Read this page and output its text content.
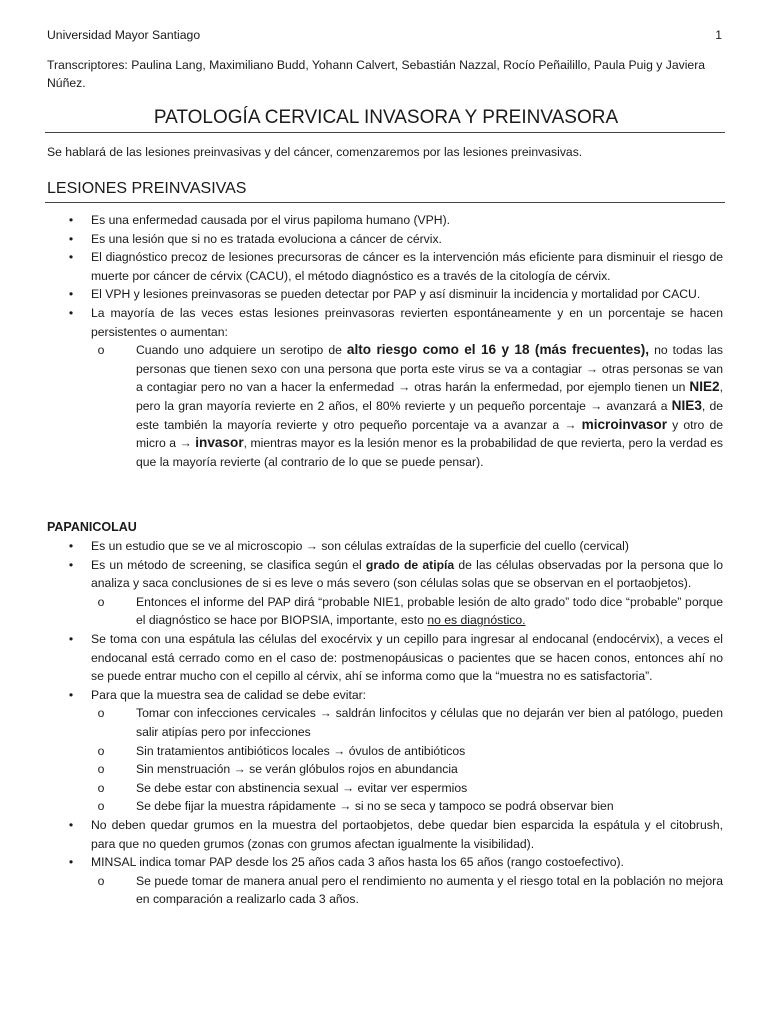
Universidad Mayor Santiago	1
Transcriptores: Paulina Lang, Maximiliano Budd, Yohann Calvert, Sebastián Nazzal, Rocío Peñailillo, Paula Puig y Javiera Núñez.
PATOLOGÍA CERVICAL INVASORA Y PREINVASORA
Se hablará de las lesiones preinvasivas y del cáncer, comenzaremos por las lesiones preinvasivas.
LESIONES PREINVASIVAS
•	Es una enfermedad causada por el virus papiloma humano (VPH).
•	Es una lesión que si no es tratada evoluciona a cáncer de cérvix.
•	El diagnóstico precoz de lesiones precursoras de cáncer es la intervención más eficiente para disminuir el riesgo de muerte por cáncer de cérvix (CACU), el método diagnóstico es a través de la citología de cérvix.
•	El VPH y lesiones preinvasoras se pueden detectar por PAP y así disminuir la incidencia y mortalidad por CACU.
•	La mayoría de las veces estas lesiones preinvasoras revierten espontáneamente y en un porcentaje se hacen persistentes o aumentan:
o	Cuando uno adquiere un serotipo de alto riesgo como el 16 y 18 (más frecuentes), no todas las personas que tienen sexo con una persona que porta este virus se va a contagiar → otras personas se van a contagiar pero no van a hacer la enfermedad → otras harán la enfermedad, por ejemplo tienen un NIE2, pero la gran mayoría revierte en 2 años, el 80% revierte y un pequeño porcentaje → avanzará a NIE3, de este también la mayoría revierte y otro pequeño porcentaje va a avanzar a → microinvasor y otro de micro a → invasor, mientras mayor es la lesión menor es la probabilidad de que revierta, pero la verdad es que la mayoría revierte (al contrario de lo que se puede pensar).
PAPANICOLAU
•	Es un estudio que se ve al microscopio → son células extraídas de la superficie del cuello (cervical)
•	Es un método de screening, se clasifica según el grado de atipía de las células observadas por la persona que lo analiza y saca conclusiones de si es leve o más severo (son células solas que se observan en el portaobjetos).
o	Entonces el informe del PAP dirá “probable NIE1, probable lesión de alto grado” todo dice “probable” porque el diagnóstico se hace por BIOPSIA, importante, esto no es diagnóstico.
•	Se toma con una espátula las células del exocérvix y un cepillo para ingresar al endocanal (endocérvix), a veces el endocanal está cerrado como en el caso de: postmenopáusicas o pacientes que se hacen conos, entonces ahí no se puede entrar mucho con el cepillo al cérvix, ahí se informa como que la “muestra no es satisfactoria”.
•	Para que la muestra sea de calidad se debe evitar:
o	Tomar con infecciones cervicales → saldrán linfocitos y células que no dejarán ver bien al patólogo, pueden salir atipías pero por infecciones
o	Sin tratamientos antibióticos locales → óvulos de antibióticos
o	Sin menstruación → se verán glóbulos rojos en abundancia
o	Se debe estar con abstinencia sexual → evitar ver espermios
o	Se debe fijar la muestra rápidamente → si no se seca y tampoco se podrá observar bien
•	No deben quedar grumos en la muestra del portaobjetos, debe quedar bien esparcida la espátula y el citobrush, para que no queden grumos (zonas con grumos afectan igualmente la visibilidad).
•	MINSAL indica tomar PAP desde los 25 años cada 3 años hasta los 65 años (rango costoefectivo).
o	Se puede tomar de manera anual pero el rendimiento no aumenta y el riesgo total en la población no mejora en comparación a realizarlo cada 3 años.
